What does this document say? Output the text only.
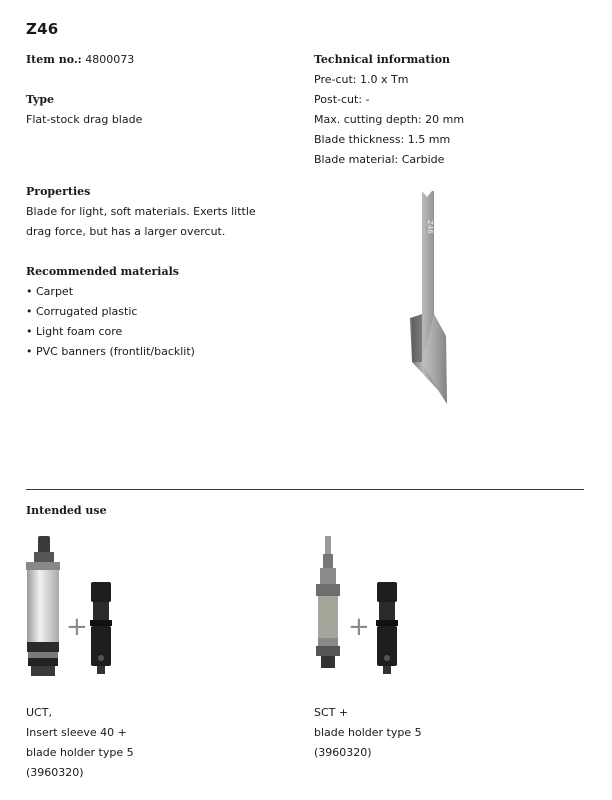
Z46
Item no.: 4800073
Type
Flat-stock drag blade
Technical information
Pre-cut: 1.0 x Tm
Post-cut: -
Max. cutting depth: 20 mm
Blade thickness: 1.5 mm
Blade material: Carbide
Properties
Blade for light, soft materials. Exerts little
drag force, but has a larger overcut.
Recommended materials
• Carpet
• Corrugated plastic
• Light foam core
• PVC banners (frontlit/backlit)
Z46
Intended use
+
UCT,
Insert sleeve 40 +
blade holder type 5
(3960320)
+
SCT +
blade holder type 5
(3960320)
